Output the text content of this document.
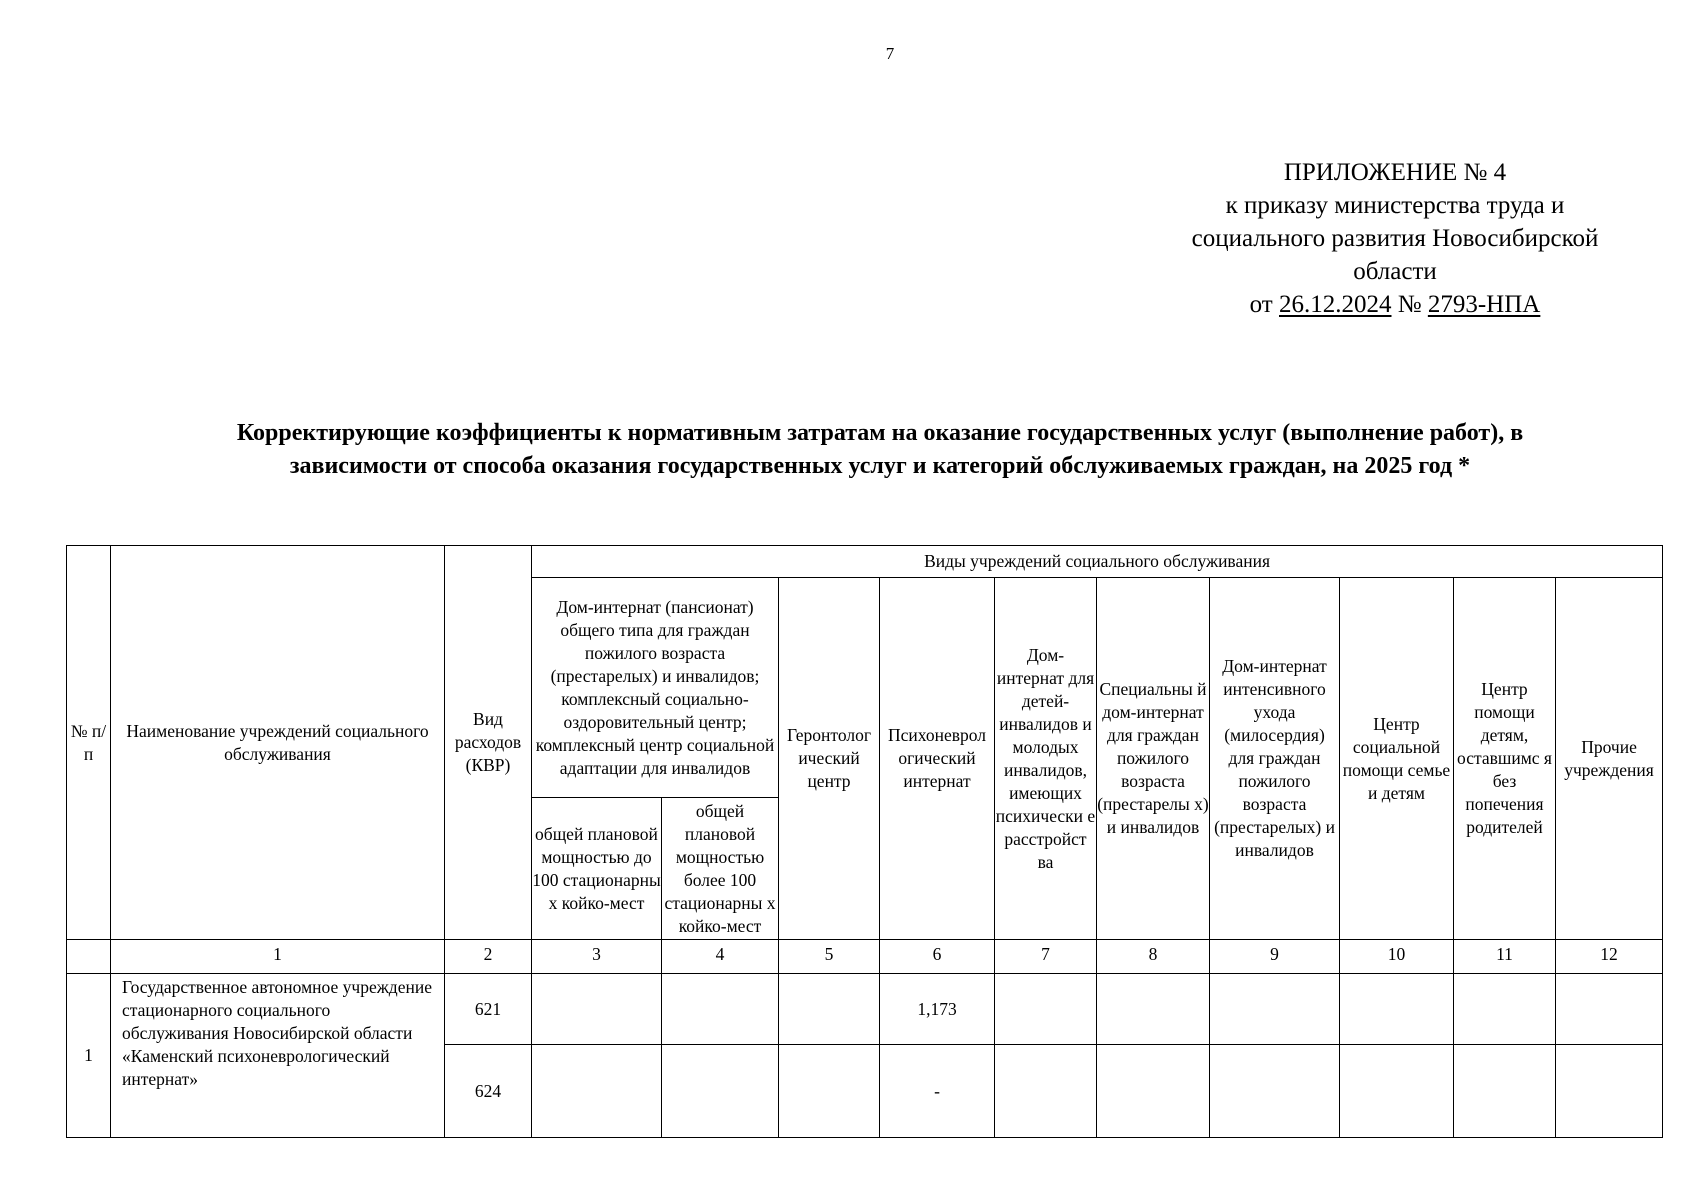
7
ПРИЛОЖЕНИЕ № 4
к приказу министерства труда и
социального развития Новосибирской
области
от 26.12.2024 № 2793-НПА
Корректирующие коэффициенты к нормативным затратам на оказание государственных услуг (выполнение работ), в
зависимости от способа оказания государственных услуг и категорий обслуживаемых граждан, на 2025 год *
№ п/п	Наименование учреждений социального обслуживания	Вид расходов (КВР)	Виды учреждений социального обслуживания									
			Дом-интернат (пансионат) общего типа для граждан пожилого возраста (престарелых) и инвалидов; комплексный социально-оздоровительный центр; комплексный центр социальной адаптации для инвалидов		Геронтолог ический центр	Психоневрол огический интернат	Дом-интернат для детей-инвалидов и молодых инвалидов, имеющих психически е расстройст ва	Специальны й дом-интернат для граждан пожилого возраста (престарелы х) и инвалидов	Дом-интернат интенсивного ухода (милосердия) для граждан пожилого возраста (престарелых) и инвалидов	Центр социальной помощи семье и детям	Центр помощи детям, оставшимс я без попечения родителей	Прочие учреждения
			общей плановой мощностью до 100 стационарны х койко-мест	общей плановой мощностью более 100 стационарны х койко-мест								
	1	2	3	4	5	6	7	8	9	10	11	12
1	Государственное автономное учреждение стационарного социального обслуживания Новосибирской области «Каменский психоневрологический интернат»	621				1,173						
		624				-						
